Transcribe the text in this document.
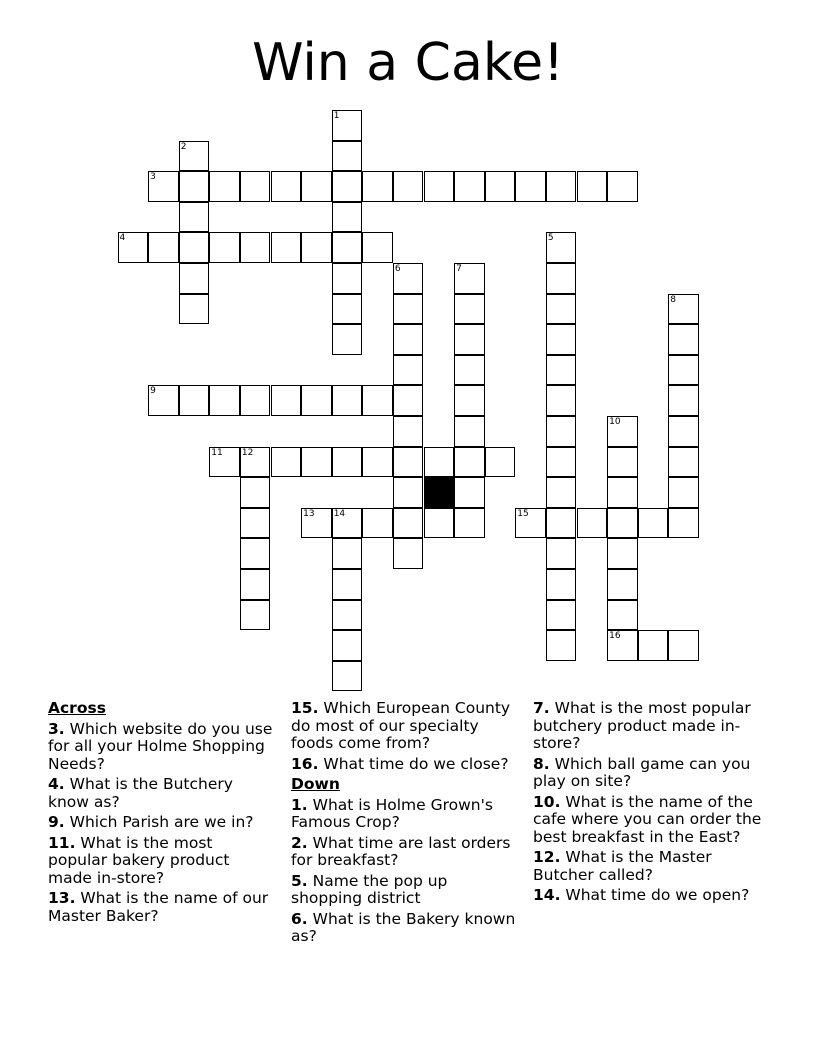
Win a Cake!
1
2
3
4	5
6	7
8
9
10
16
11 12
13 14	15
Across
3. Which website do you use for all your Holme Shopping Needs?
4. What is the Butchery know as?
9. Which Parish are we in?
11. What is the most popular bakery product made in-store?
13. What is the name of our Master Baker?
15. Which European County do most of our specialty foods come from?
16. What time do we close?
Down
1. What is Holme Grown's Famous Crop?
2. What time are last orders for breakfast?
5. Name the pop up shopping district
6. What is the Bakery known as?
7. What is the most popular butchery product made in-store?
8. Which ball game can you play on site?
10. What is the name of the cafe where you can order the best breakfast in the East?
12. What is the Master Butcher called?
14. What time do we open?
